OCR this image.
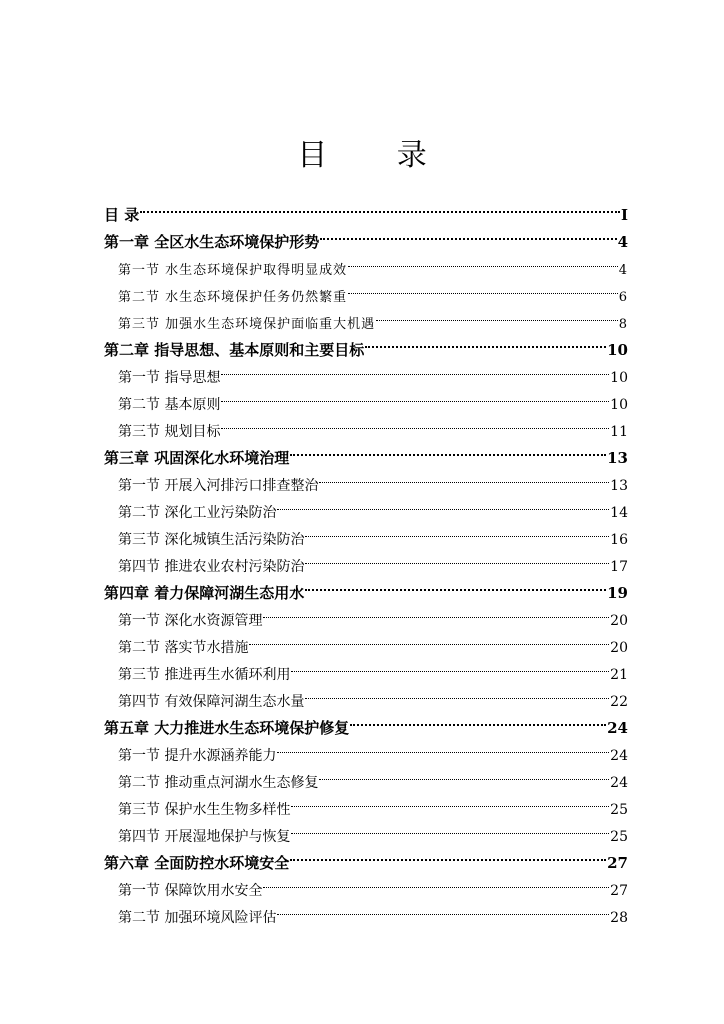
目 录
目 录	I
第一章 全区水生态环境保护形势	4
第一节 水生态环境保护取得明显成效	4
第二节 水生态环境保护任务仍然繁重	6
第三节 加强水生态环境保护面临重大机遇	8
第二章 指导思想、基本原则和主要目标	10
第一节 指导思想	10
第二节 基本原则	10
第三节 规划目标	11
第三章 巩固深化水环境治理	13
第一节 开展入河排污口排查整治	13
第二节 深化工业污染防治	14
第三节 深化城镇生活污染防治	16
第四节 推进农业农村污染防治	17
第四章 着力保障河湖生态用水	19
第一节 深化水资源管理	20
第二节 落实节水措施	20
第三节 推进再生水循环利用	21
第四节 有效保障河湖生态水量	22
第五章 大力推进水生态环境保护修复	24
第一节 提升水源涵养能力	24
第二节 推动重点河湖水生态修复	24
第三节 保护水生生物多样性	25
第四节 开展湿地保护与恢复	25
第六章 全面防控水环境安全	27
第一节 保障饮用水安全	27
第二节 加强环境风险评估	28
